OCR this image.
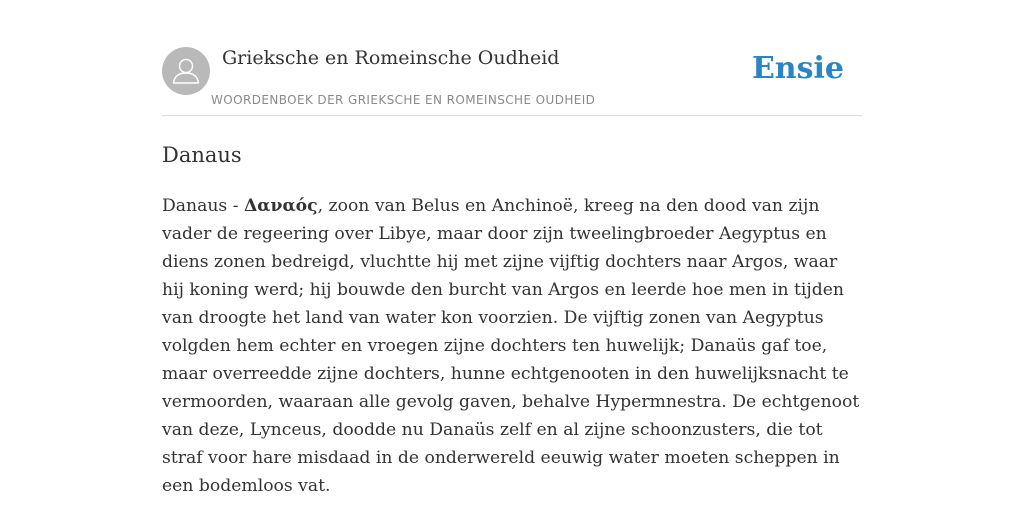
Grieksche en Romeinsche Oudheid
WOORDENBOEK DER GRIEKSCHE EN ROMEINSCHE OUDHEID
Ensie
Danaus

Danaus - Δαναός, zoon van Belus en Anchinoë, kreeg na den dood van zijn vader de regeering over Libye, maar door zijn tweelingbroeder Aegyptus en diens zonen bedreigd, vluchtte hij met zijne vijftig dochters naar Argos, waar hij koning werd; hij bouwde den burcht van Argos en leerde hoe men in tijden van droogte het land van water kon voorzien. De vijftig zonen van Aegyptus volgden hem echter en vroegen zijne dochters ten huwelijk; Danaüs gaf toe, maar overreedde zijne dochters, hunne echtgenooten in den huwelijksnacht te vermoorden, waaraan alle gevolg gaven, behalve Hypermnestra. De echtgenoot van deze, Lynceus, doodde nu Danaüs zelf en al zijne schoonzusters, die tot straf voor hare misdaad in de onderwereld eeuwig water moeten scheppen in een bodemloos vat.
